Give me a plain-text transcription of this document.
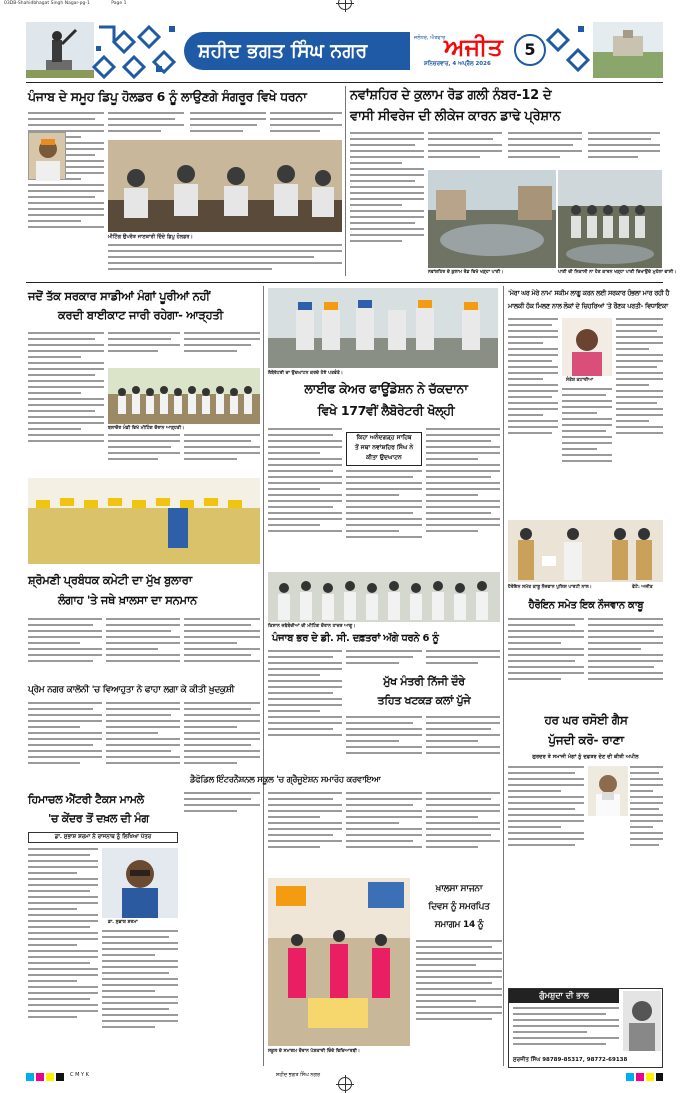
03DB-Shahidbhagat Singh Nagar-pg-1	Page 1
ਸ਼ਹੀਦ ਭਗਤ ਸਿੰਘ ਨਗਰ
ਜਲੰਧਰ, ਐਤਵਾਰ
ਅਜੀਤ
ਸ਼ਨਿਚਰਵਾਰ, 4 ਅਪ੍ਰੈਲ 2026
5
ਪੰਜਾਬ ਦੇ ਸਮੂਹ ਡਿਪੂ ਹੋਲਡਰ 6 ਨੂੰ ਲਾਉਣਗੇ ਸੰਗਰੂਰ ਵਿਖੇ ਧਰਨਾ
ਮੀਟਿੰਗ ਉਪਰੰਤ ਜਾਣਕਾਰੀ ਦਿੰਦੇ ਡਿਪੂ ਹੋਲਡਰ।
ਨਵਾਂਸ਼ਹਿਰ ਦੇ ਕੁਲਾਮ ਰੋਡ ਗਲੀ ਨੰਬਰ-12 ਦੇ
ਵਾਸੀ ਸੀਵਰੇਜ ਦੀ ਲੀਕੇਜ ਕਾਰਨ ਡਾਢੇ ਪ੍ਰੇਸ਼ਾਨ
ਨਵਾਂਸ਼ਹਿਰ ਦੇ ਕੁਲਾਮ ਰੋਡ ਵਿਖੇ ਖੜ੍ਹਾ ਪਾਣੀ।	ਪਾਣੀ ਦੀ ਨਿਕਾਸੀ ਨਾ ਹੋਣ ਕਾਰਨ ਖੜ੍ਹਾ ਪਾਣੀ ਦਿਖਾਉਂਦੇ ਮੁਹੱਲਾ ਵਾਸੀ।
ਜਦੋਂ ਤੱਕ ਸਰਕਾਰ ਸਾਡੀਆਂ ਮੰਗਾਂ ਪੂਰੀਆਂ ਨਹੀਂ
ਕਰਦੀ ਬਾਈਕਾਟ ਜਾਰੀ ਰਹੇਗਾ- ਆੜ੍ਹਤੀ
ਬਲਾਚੌਰ ਮੰਡੀ ਵਿਖੇ ਮੀਟਿੰਗ ਦੌਰਾਨ ਆੜ੍ਹਤੀ।
ਸ਼੍ਰੋਮਣੀ ਪ੍ਰਬੰਧਕ ਕਮੇਟੀ ਦਾ ਮੁੱਖ ਬੁਲਾਰਾ
ਲੰਗਾਹ 'ਤੇ ਜਥੇ ਖ਼ਾਲਸਾ ਦਾ ਸਨਮਾਨ
ਪ੍ਰੇਮ ਨਗਰ ਕਾਲੋਨੀ 'ਚ ਵਿਆਹੁਤਾ ਨੇ ਫਾਹਾ ਲਗਾ ਕੇ ਕੀਤੀ ਖ਼ੁਦਕੁਸ਼ੀ
ਹਿਮਾਚਲ ਐਂਟਰੀ ਟੈਕਸ ਮਾਮਲੇ
'ਚ ਕੇਂਦਰ ਤੋਂ ਦਖ਼ਲ ਦੀ ਮੰਗ
ਡਾ. ਸੁਭਾਸ਼ ਸ਼ਰਮਾ ਨੇ ਰਾਜਨਾਥ ਨੂੰ ਲਿਖਿਆ ਪੱਤਰ
ਡਾ. ਸੁਭਾਸ਼ ਸ਼ਰਮਾ
ਲੈਬੋਰੇਟਰੀ ਦਾ ਉਦਘਾਟਨ ਕਰਦੇ ਹੋਏ ਪਤਵੰਤੇ।
ਲਾਈਫ ਕੇਅਰ ਫਾਊਂਡੇਸ਼ਨ ਨੇ ਚੱਕਦਾਨਾ
ਵਿਖੇ 177ਵੀਂ ਲੈਬੋਰੇਟਰੀ ਖੋਲ੍ਹੀ
ਕਿਹਾ ਅਨੰਦਗੜ੍ਹ ਸਾਹਿਬ
ਤੋਂ ਜਥਾ ਨਵਾਂਸ਼ਹਿਰ ਸਿੰਘ ਨੇ
ਕੀਤਾ ਉਦਘਾਟਨ
ਕਿਸਾਨ ਜਥੇਬੰਦੀਆਂ ਦੀ ਮੀਟਿੰਗ ਦੌਰਾਨ ਹਾਜ਼ਰ ਆਗੂ।
ਪੰਜਾਬ ਭਰ ਦੇ ਡੀ. ਸੀ. ਦਫ਼ਤਰਾਂ ਅੱਗੇ ਧਰਨੇ 6 ਨੂੰ
ਮੁੱਖ ਮੰਤਰੀ ਨਿੱਜੀ ਦੌਰੇ
ਤਹਿਤ ਖਟਕੜ ਕਲਾਂ ਪੁੱਜੇ
ਡੈਫੋਡਿਲ ਇੰਟਰਨੈਸ਼ਨਲ ਸਕੂਲ 'ਚ ਗ੍ਰੈਜੂਏਸ਼ਨ ਸਮਾਰੋਹ ਕਰਵਾਇਆ
ਸਕੂਲ ਦੇ ਸਮਾਗਮ ਦੌਰਾਨ ਪੇਸ਼ਕਾਰੀ ਦਿੰਦੇ ਵਿਦਿਆਰਥੀ।
ਖ਼ਾਲਸਾ ਸਾਜਨਾ
ਦਿਵਸ ਨੂੰ ਸਮਰਪਿਤ
ਸਮਾਗਮ 14 ਨੂੰ
'ਮੇਰਾ ਘਰ ਮੇਰੇ ਨਾਮ' ਸਕੀਮ ਲਾਗੂ ਕਰਨ ਲਈ ਸਰਕਾਰ ਹੰਭਲਾ ਮਾਰ ਰਹੀ ਹੈ
ਮਾਲਕੀ ਹੱਕ ਮਿਲਣ ਨਾਲ ਲੋਕਾਂ ਦੇ ਚਿਹਰਿਆਂ 'ਤੇ ਰੌਣਕ ਪਰਤੀ- ਵਿਧਾਇਕਾ
ਸੰਤੋਸ਼ ਕਟਾਰੀਆ
ਹੈਰੋਇਨ ਸਮੇਤ ਕਾਬੂ ਨੌਜਵਾਨ ਪੁਲਿਸ ਪਾਰਟੀ ਨਾਲ।	ਫੋਟੋ: ਅਜੀਤ
ਹੈਰੋਇਨ ਸਮੇਤ ਇਕ ਨੌਜਵਾਨ ਕਾਬੂ
ਹਰ ਘਰ ਰਸੋਈ ਗੈਸ
ਪੁੱਜਦੀ ਕਰੋ- ਰਾਣਾ
ਗੁਰਦਰ ਤੇ ਸਮਾਜੀ ਮੰਗਾਂ ਨੂੰ ਦਫ਼ਤਰ ਦੇਣ ਦੀ ਕੀਤੀ ਅਪੀਲ
ਗੁੰਮਸ਼ੁਦਾ ਦੀ ਭਾਲ
ਸੁਰਜੀਤ ਸਿੰਘ 98789-85317, 98772-69138
C M Y K	ਸ਼ਹੀਦ ਭਗਤ ਸਿੰਘ ਨਗਰ
